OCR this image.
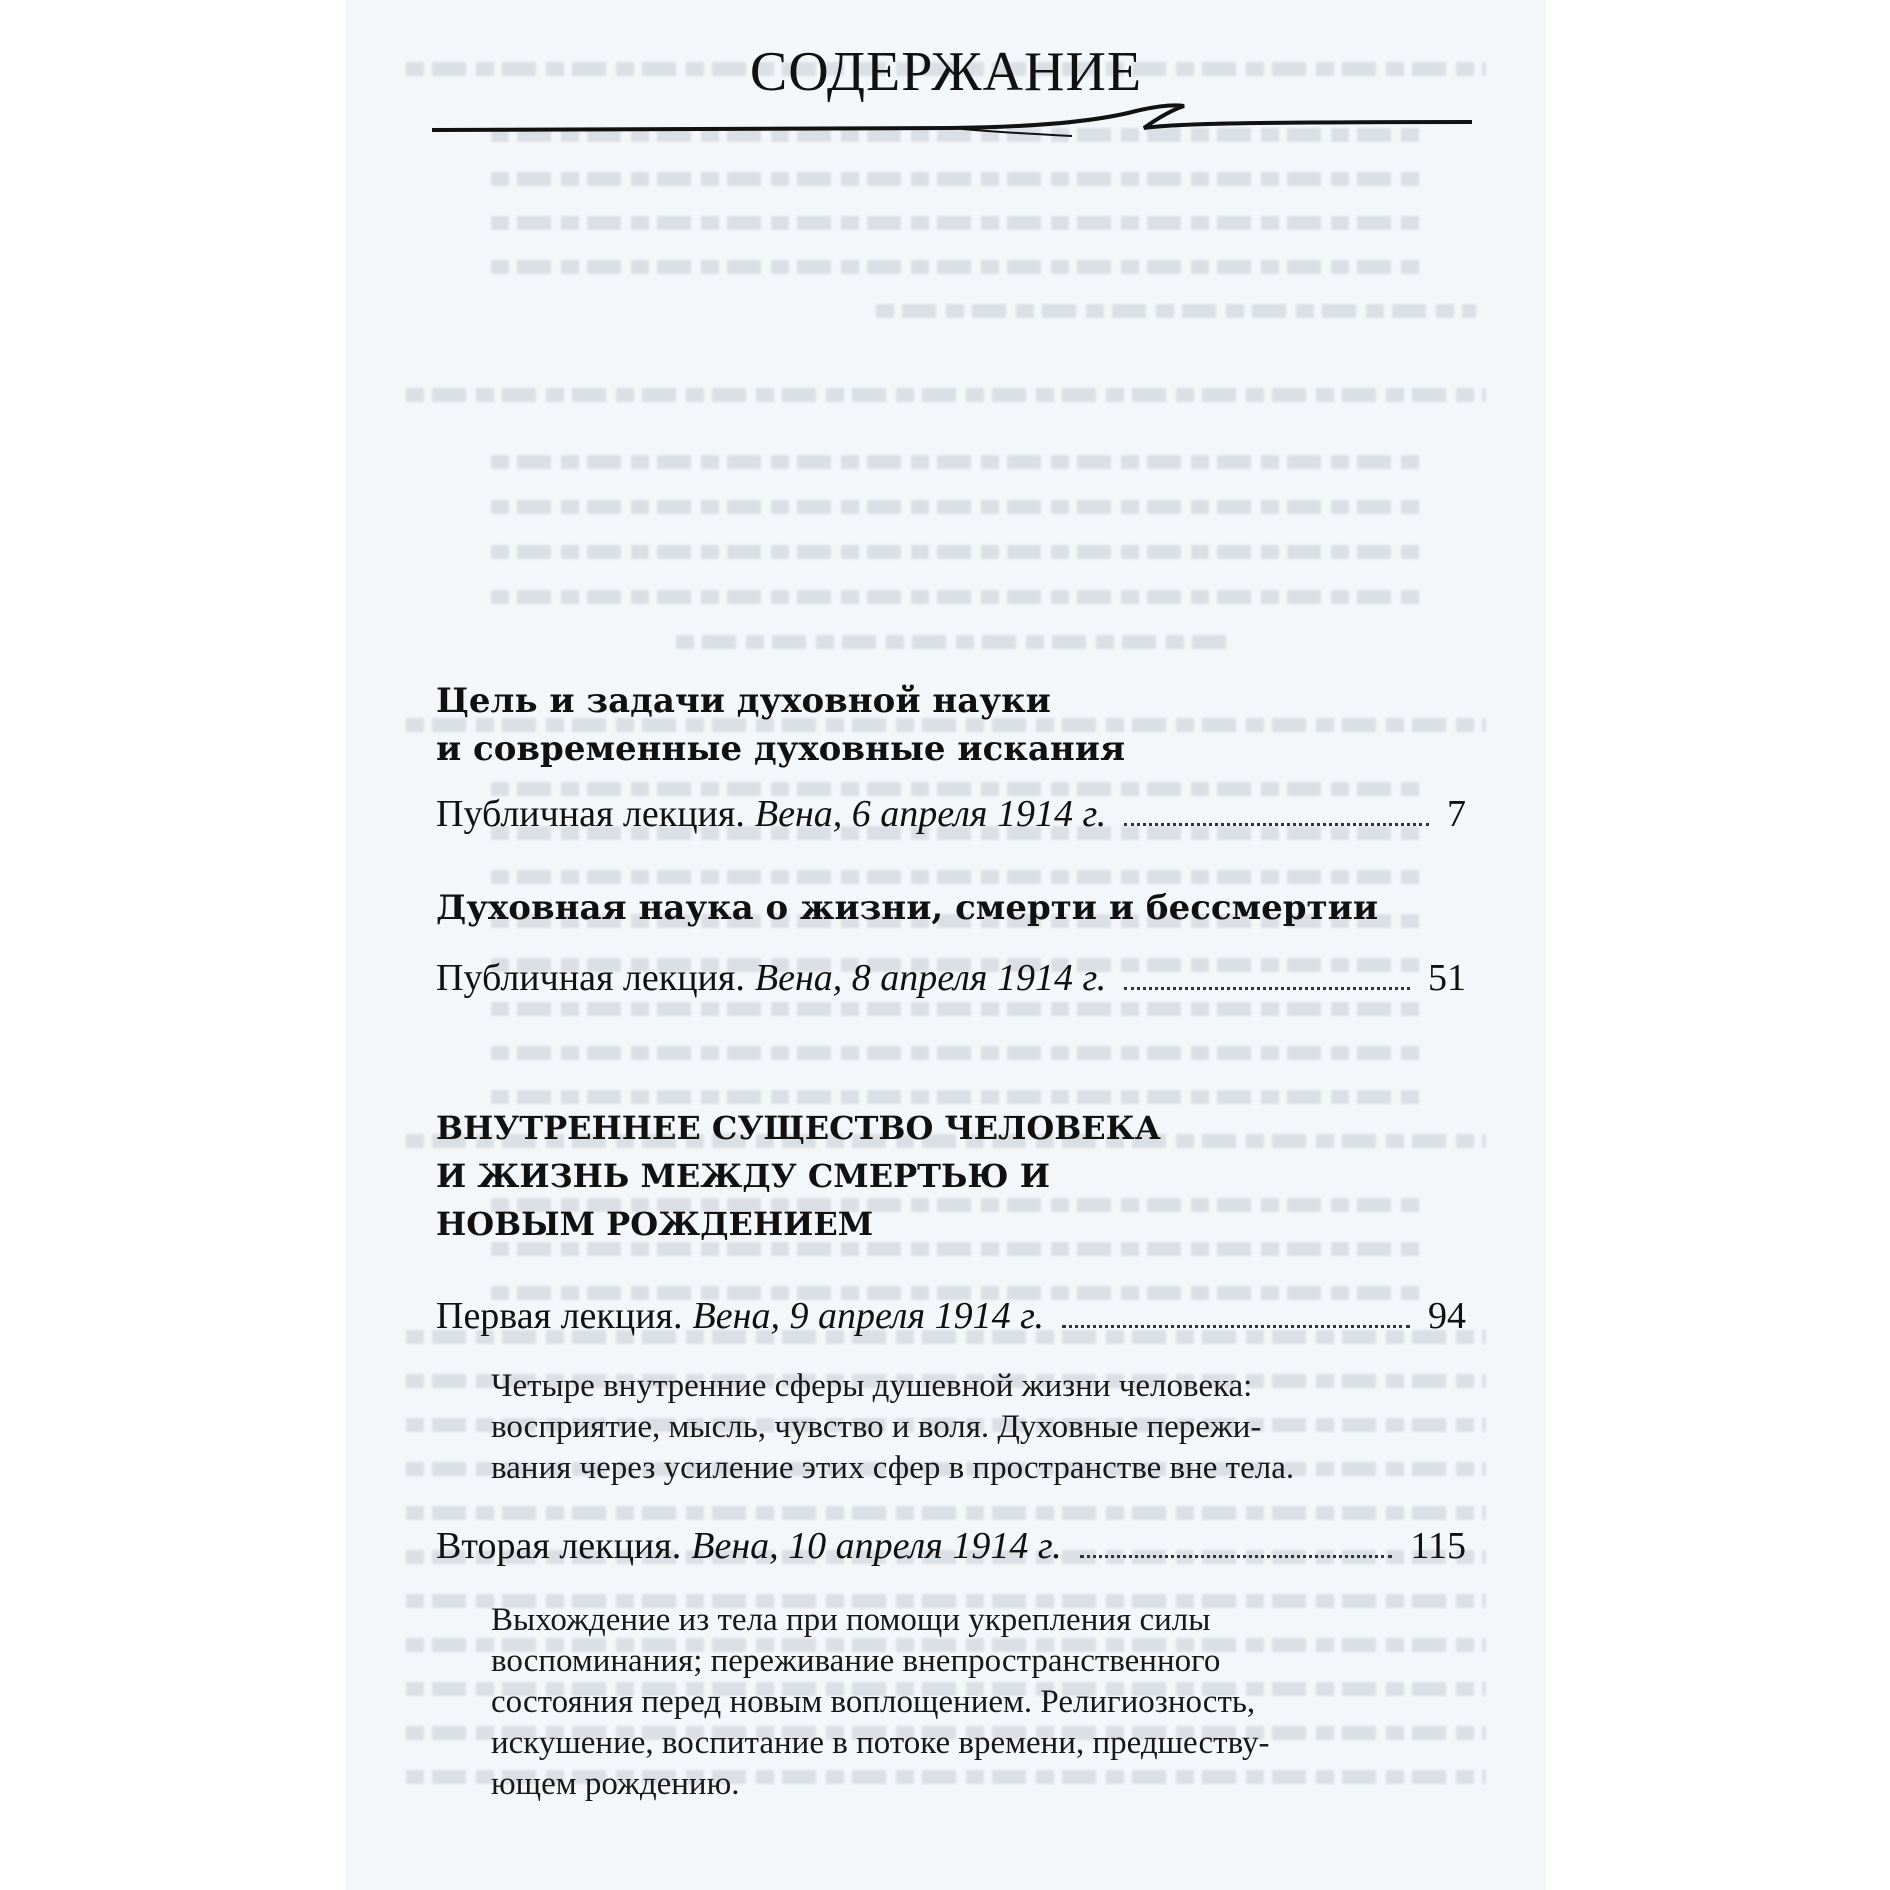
СОДЕРЖАНИЕ
Цель и задачи духовной науки
и современные духовные искания
Публичная лекция. Вена, 6 апреля 1914 г.	7
Духовная наука о жизни, смерти и бессмертии
Публичная лекция. Вена, 8 апреля 1914 г.	51
ВНУТРЕННЕЕ СУЩЕСТВО ЧЕЛОВЕКА
И ЖИЗНЬ МЕЖДУ СМЕРТЬЮ И
НОВЫМ РОЖДЕНИЕМ
Первая лекция. Вена, 9 апреля 1914 г.	94
Четыре внутренние сферы душевной жизни человека:
восприятие, мысль, чувство и воля. Духовные пережи-
вания через усиление этих сфер в пространстве вне тела.
Вторая лекция. Вена, 10 апреля 1914 г.	115
Выхождение из тела при помощи укрепления силы
воспоминания; переживание внепространственного
состояния перед новым воплощением. Религиозность,
искушение, воспитание в потоке времени, предшеству-
ющем рождению.
